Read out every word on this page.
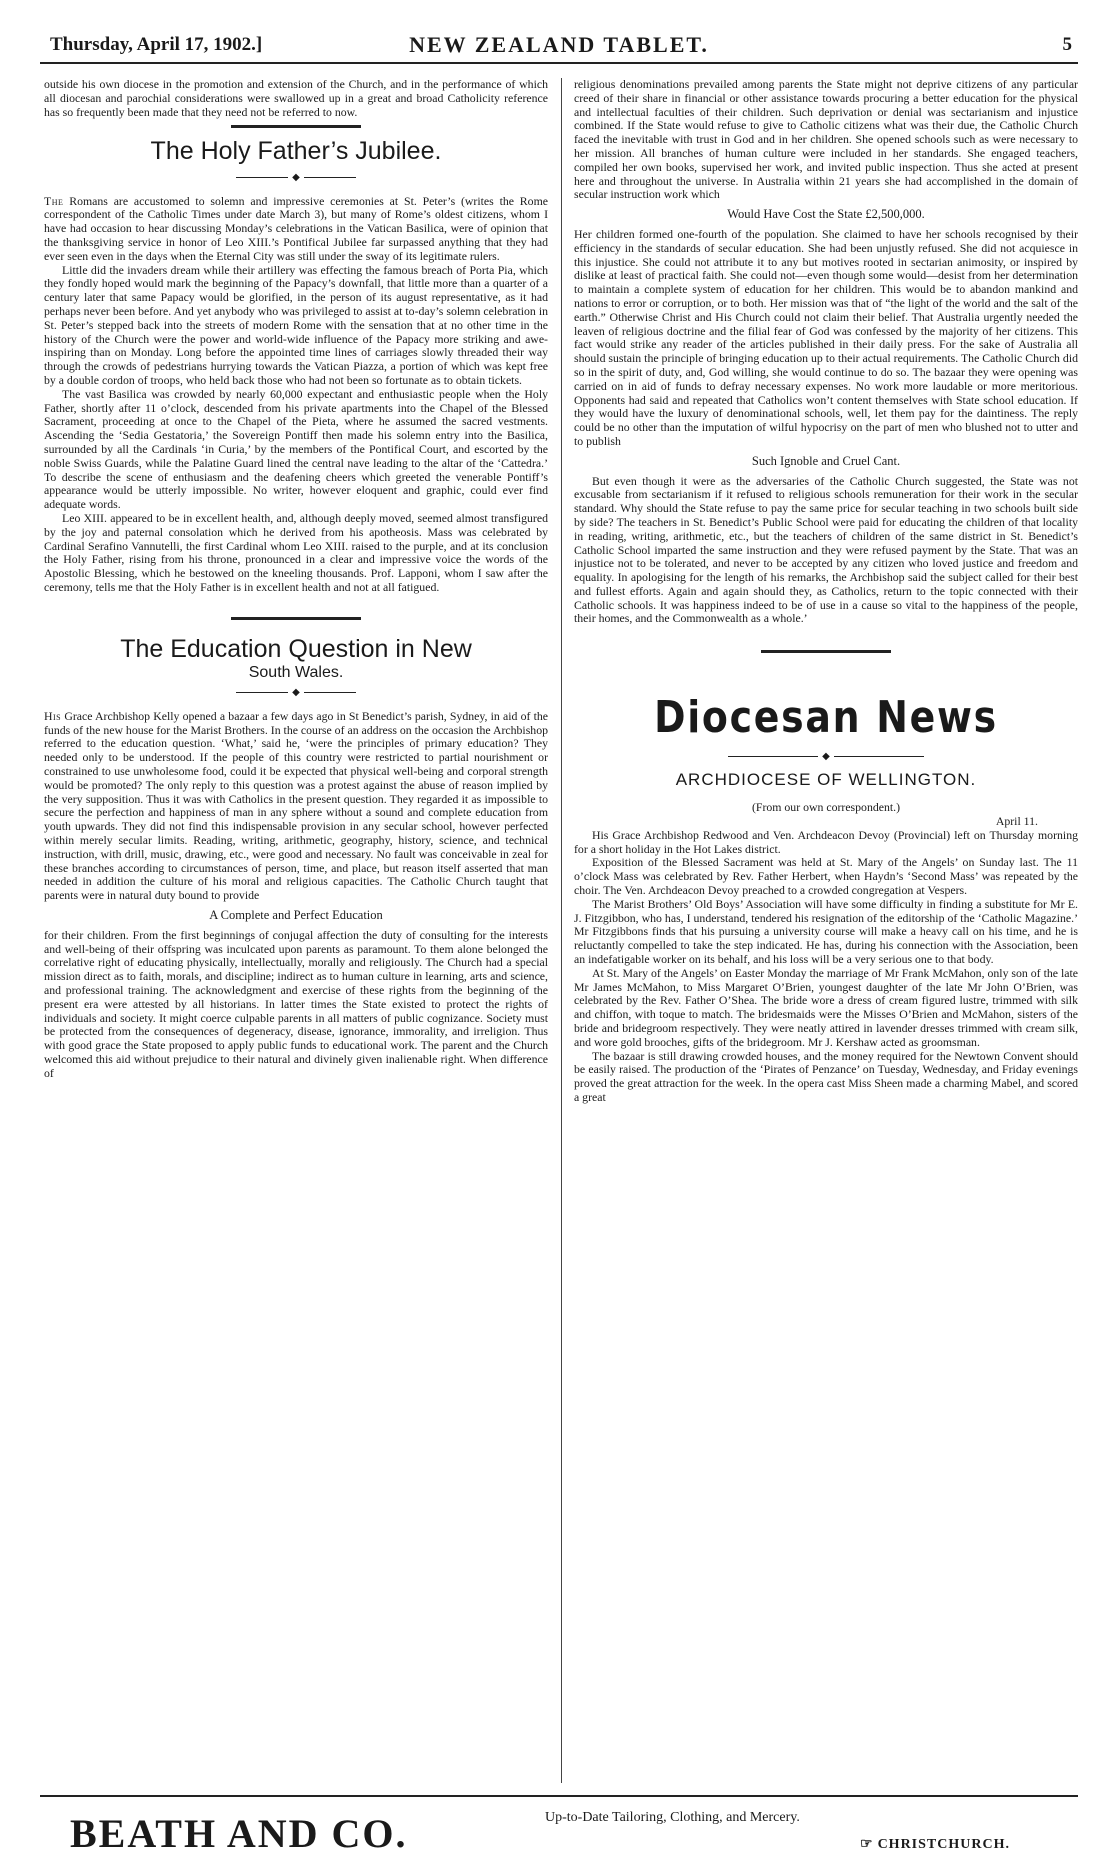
Thursday, April 17, 1902.]	NEW ZEALAND TABLET.	5

outside his own diocese in the promotion and extension of the Church, and in the performance of which all diocesan and parochial considerations were swallowed up in a great and broad Catholicity reference has so frequently been made that they need not be referred to now.

The Holy Father’s Jubilee.
◆

The Romans are accustomed to solemn and impressive ceremonies at St. Peter’s (writes the Rome correspondent of the Catholic Times under date March 3), but many of Rome’s oldest citizens, whom I have had occasion to hear discussing Monday’s celebrations in the Vatican Basilica, were of opinion that the thanksgiving service in honor of Leo XIII.’s Pontifical Jubilee far surpassed anything that they had ever seen even in the days when the Eternal City was still under the sway of its legitimate rulers.

Little did the invaders dream while their artillery was effecting the famous breach of Porta Pia, which they fondly hoped would mark the beginning of the Papacy’s downfall, that little more than a quarter of a century later that same Papacy would be glorified, in the person of its august representative, as it had perhaps never been before. And yet anybody who was privileged to assist at to-day’s solemn celebration in St. Peter’s stepped back into the streets of modern Rome with the sensation that at no other time in the history of the Church were the power and world-wide influence of the Papacy more striking and awe-inspiring than on Monday. Long before the appointed time lines of carriages slowly threaded their way through the crowds of pedestrians hurrying towards the Vatican Piazza, a portion of which was kept free by a double cordon of troops, who held back those who had not been so fortunate as to obtain tickets.

The vast Basilica was crowded by nearly 60,000 expectant and enthusiastic people when the Holy Father, shortly after 11 o’clock, descended from his private apartments into the Chapel of the Blessed Sacrament, proceeding at once to the Chapel of the Pieta, where he assumed the sacred vestments. Ascending the ‘Sedia Gestatoria,’ the Sovereign Pontiff then made his solemn entry into the Basilica, surrounded by all the Cardinals ‘in Curia,’ by the members of the Pontifical Court, and escorted by the noble Swiss Guards, while the Palatine Guard lined the central nave leading to the altar of the ‘Cattedra.’ To describe the scene of enthusiasm and the deafening cheers which greeted the venerable Pontiff’s appearance would be utterly impossible. No writer, however eloquent and graphic, could ever find adequate words.

Leo XIII. appeared to be in excellent health, and, although deeply moved, seemed almost transfigured by the joy and paternal consolation which he derived from his apotheosis. Mass was celebrated by Cardinal Serafino Vannutelli, the first Cardinal whom Leo XIII. raised to the purple, and at its conclusion the Holy Father, rising from his throne, pronounced in a clear and impressive voice the words of the Apostolic Blessing, which he bestowed on the kneeling thousands. Prof. Lapponi, whom I saw after the ceremony, tells me that the Holy Father is in excellent health and not at all fatigued.

The Education Question in New
South Wales.
◆

His Grace Archbishop Kelly opened a bazaar a few days ago in St Benedict’s parish, Sydney, in aid of the funds of the new house for the Marist Brothers. In the course of an address on the occasion the Archbishop referred to the education question. ‘What,’ said he, ‘were the principles of primary education? They needed only to be understood. If the people of this country were restricted to partial nourishment or constrained to use unwholesome food, could it be expected that physical well-being and corporal strength would be promoted? The only reply to this question was a protest against the abuse of reason implied by the very supposition. Thus it was with Catholics in the present question. They regarded it as impossible to secure the perfection and happiness of man in any sphere without a sound and complete education from youth upwards. They did not find this indispensable provision in any secular school, however perfected within merely secular limits. Reading, writing, arithmetic, geography, history, science, and technical instruction, with drill, music, drawing, etc., were good and necessary. No fault was conceivable in zeal for these branches according to circumstances of person, time, and place, but reason itself asserted that man needed in addition the culture of his moral and religious capacities. The Catholic Church taught that parents were in natural duty bound to provide

A Complete and Perfect Education

for their children. From the first beginnings of conjugal affection the duty of consulting for the interests and well-being of their offspring was inculcated upon parents as paramount. To them alone belonged the correlative right of educating physically, intellectually, morally and religiously. The Church had a special mission direct as to faith, morals, and discipline; indirect as to human culture in learning, arts and science, and professional training. The acknowledgment and exercise of these rights from the beginning of the present era were attested by all historians. In latter times the State existed to protect the rights of individuals and society. It might coerce culpable parents in all matters of public cognizance. Society must be protected from the consequences of degeneracy, disease, ignorance, immorality, and irreligion. Thus with good grace the State proposed to apply public funds to educational work. The parent and the Church welcomed this aid without prejudice to their natural and divinely given inalienable right. When difference of

religious denominations prevailed among parents the State might not deprive citizens of any particular creed of their share in financial or other assistance towards procuring a better education for the physical and intellectual faculties of their children. Such deprivation or denial was sectarianism and injustice combined. If the State would refuse to give to Catholic citizens what was their due, the Catholic Church faced the inevitable with trust in God and in her children. She opened schools such as were necessary to her mission. All branches of human culture were included in her standards. She engaged teachers, compiled her own books, supervised her work, and invited public inspection. Thus she acted at present here and throughout the universe. In Australia within 21 years she had accomplished in the domain of secular instruction work which

Would Have Cost the State £2,500,000.

Her children formed one-fourth of the population. She claimed to have her schools recognised by their efficiency in the standards of secular education. She had been unjustly refused. She did not acquiesce in this injustice. She could not attribute it to any but motives rooted in sectarian animosity, or inspired by dislike at least of practical faith. She could not—even though some would—desist from her determination to maintain a complete system of education for her children. This would be to abandon mankind and nations to error or corruption, or to both. Her mission was that of “the light of the world and the salt of the earth.” Otherwise Christ and His Church could not claim their belief. That Australia urgently needed the leaven of religious doctrine and the filial fear of God was confessed by the majority of her citizens. This fact would strike any reader of the articles published in their daily press. For the sake of Australia all should sustain the principle of bringing education up to their actual requirements. The Catholic Church did so in the spirit of duty, and, God willing, she would continue to do so. The bazaar they were opening was carried on in aid of funds to defray necessary expenses. No work more laudable or more meritorious. Opponents had said and repeated that Catholics won’t content themselves with State school education. If they would have the luxury of denominational schools, well, let them pay for the daintiness. The reply could be no other than the imputation of wilful hypocrisy on the part of men who blushed not to utter and to publish

Such Ignoble and Cruel Cant.

But even though it were as the adversaries of the Catholic Church suggested, the State was not excusable from sectarianism if it refused to religious schools remuneration for their work in the secular standard. Why should the State refuse to pay the same price for secular teaching in two schools built side by side? The teachers in St. Benedict’s Public School were paid for educating the children of that locality in reading, writing, arithmetic, etc., but the teachers of children of the same district in St. Benedict’s Catholic School imparted the same instruction and they were refused payment by the State. That was an injustice not to be tolerated, and never to be accepted by any citizen who loved justice and freedom and equality. In apologising for the length of his remarks, the Archbishop said the subject called for their best and fullest efforts. Again and again should they, as Catholics, return to the topic connected with their Catholic schools. It was happiness indeed to be of use in a cause so vital to the happiness of the people, their homes, and the Commonwealth as a whole.’

Diocesan News
◆
ARCHDIOCESE OF WELLINGTON.

(From our own correspondent.)

April 11.

His Grace Archbishop Redwood and Ven. Archdeacon Devoy (Provincial) left on Thursday morning for a short holiday in the Hot Lakes district.

Exposition of the Blessed Sacrament was held at St. Mary of the Angels’ on Sunday last. The 11 o’clock Mass was celebrated by Rev. Father Herbert, when Haydn’s ‘Second Mass’ was repeated by the choir. The Ven. Archdeacon Devoy preached to a crowded congregation at Vespers.

The Marist Brothers’ Old Boys’ Association will have some difficulty in finding a substitute for Mr E. J. Fitzgibbon, who has, I understand, tendered his resignation of the editorship of the ‘Catholic Magazine.’ Mr Fitzgibbons finds that his pursuing a university course will make a heavy call on his time, and he is reluctantly compelled to take the step indicated. He has, during his connection with the Association, been an indefatigable worker on its behalf, and his loss will be a very serious one to that body.

At St. Mary of the Angels’ on Easter Monday the marriage of Mr Frank McMahon, only son of the late Mr James McMahon, to Miss Margaret O’Brien, youngest daughter of the late Mr John O’Brien, was celebrated by the Rev. Father O’Shea. The bride wore a dress of cream figured lustre, trimmed with silk and chiffon, with toque to match. The bridesmaids were the Misses O’Brien and McMahon, sisters of the bride and bridegroom respectively. They were neatly attired in lavender dresses trimmed with cream silk, and wore gold brooches, gifts of the bridegroom. Mr J. Kershaw acted as groomsman.

The bazaar is still drawing crowded houses, and the money required for the Newtown Convent should be easily raised. The production of the ‘Pirates of Penzance’ on Tuesday, Wednesday, and Friday evenings proved the great attraction for the week. In the opera cast Miss Sheen made a charming Mabel, and scored a great

BEATH AND CO.	Up-to-Date Tailoring, Clothing, and Mercery.
☞ CHRISTCHURCH.
